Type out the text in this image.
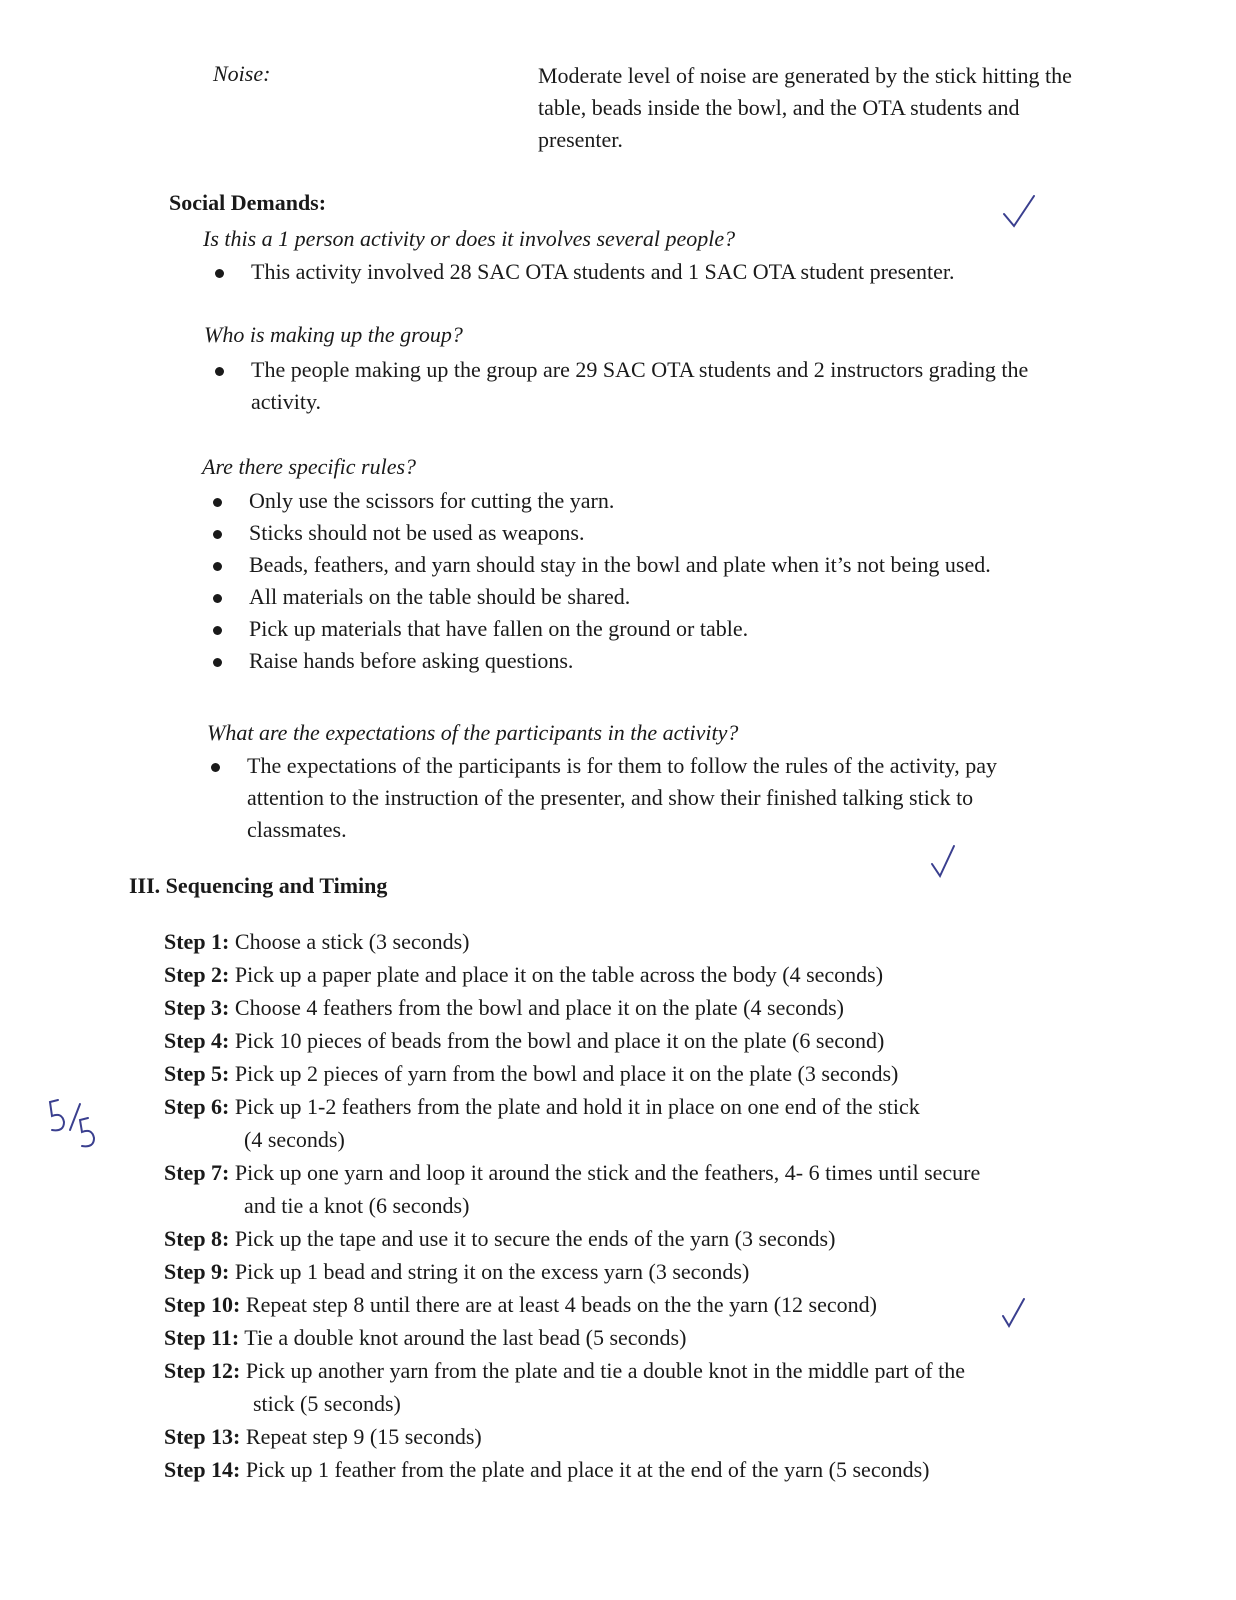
Noise:	Moderate level of noise are generated by the stick hitting the table, beads inside the bowl, and the OTA students and presenter.
Social Demands:
Is this a 1 person activity or does it involves several people?
This activity involved 28 SAC OTA students and 1 SAC OTA student presenter.
Who is making up the group?
The people making up the group are 29 SAC OTA students and 2 instructors grading the activity.
Are there specific rules?
Only use the scissors for cutting the yarn.
Sticks should not be used as weapons.
Beads, feathers, and yarn should stay in the bowl and plate when it’s not being used.
All materials on the table should be shared.
Pick up materials that have fallen on the ground or table.
Raise hands before asking questions.
What are the expectations of the participants in the activity?
The expectations of the participants is for them to follow the rules of the activity, pay attention to the instruction of the presenter, and show their finished talking stick to classmates.
III. Sequencing and Timing
Step 1: Choose a stick (3 seconds)
Step 2: Pick up a paper plate and place it on the table across the body (4 seconds)
Step 3: Choose 4 feathers from the bowl and place it on the plate (4 seconds)
Step 4: Pick 10 pieces of beads from the bowl and place it on the plate (6 second)
Step 5: Pick up 2 pieces of yarn from the bowl and place it on the plate (3 seconds)
Step 6: Pick up 1-2 feathers from the plate and hold it in place on one end of the stick
(4 seconds)
Step 7: Pick up one yarn and loop it around the stick and the feathers, 4- 6 times until secure
and tie a knot (6 seconds)
Step 8: Pick up the tape and use it to secure the ends of the yarn (3 seconds)
Step 9: Pick up 1 bead and string it on the excess yarn (3 seconds)
Step 10: Repeat step 8 until there are at least 4 beads on the the yarn (12 second)
Step 11: Tie a double knot around the last bead (5 seconds)
Step 12: Pick up another yarn from the plate and tie a double knot in the middle part of the
stick (5 seconds)
Step 13: Repeat step 9 (15 seconds)
Step 14: Pick up 1 feather from the plate and place it at the end of the yarn (5 seconds)
